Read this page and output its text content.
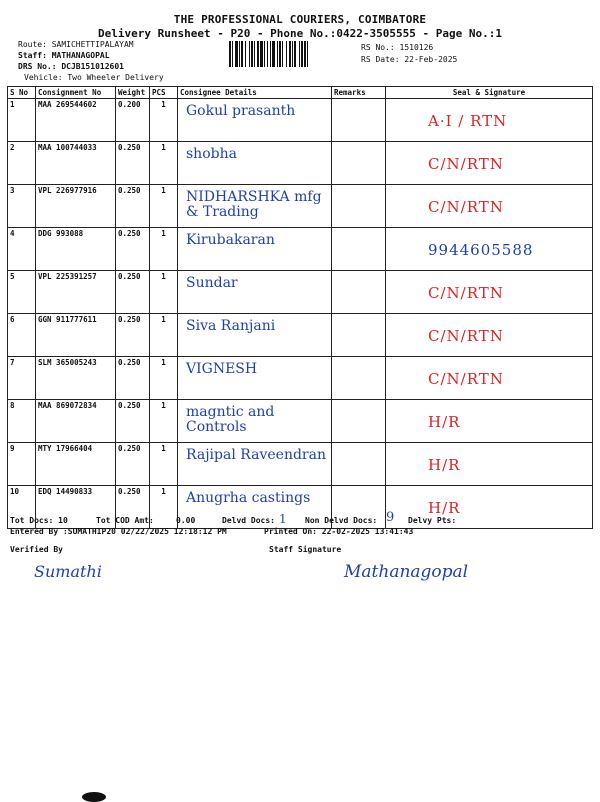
THE PROFESSIONAL COURIERS, COIMBATORE
Delivery Runsheet - P20 - Phone No.:0422-3505555 - Page No.:1
Route: SAMICHETTIPALAYAM
Staff: MATHANAGOPAL
DRS No.: DCJB151012601
Vehicle: Two Wheeler Delivery
RS No.: 1510126
RS Date: 22-Feb-2025
S No	Consignment No	Weight	PCS	Consignee Details	Remarks	Seal & Signature
1	MAA 269544602	0.200	1	Gokul prasanth		A·I / RTN

2	MAA 100744033	0.250	1	shobha		C/N/RTN

3	VPL 226977916	0.250	1	NIDHARSHKA mfg & Trading		C/N/RTN

4	DDG 993088	0.250	1	Kirubakaran		9944605588

5	VPL 225391257	0.250	1	Sundar		C/N/RTN

6	GGN 911777611	0.250	1	Siva Ranjani		C/N/RTN

7	SLM 365005243	0.250	1	VIGNESH		C/N/RTN

8	MAA 869072834	0.250	1	magntic and Controls		H/R

9	MTY 17966404	0.250	1	Rajipal Raveendran		H/R

10	EDQ 14490833	0.250	1	Anugrha castings		H/R
Tot Docs: 10	Tot COD Amt:	0.00	Delvd Docs: 1 Non Delvd Docs: 9 Delvy Pts:
Entered By :SUMATHIP20 02/22/2025 12:18:12 PM	Printed On: 22-02-2025 13:41:43
Verified By	Staff Signature
Sumathi	Mathanagopal
